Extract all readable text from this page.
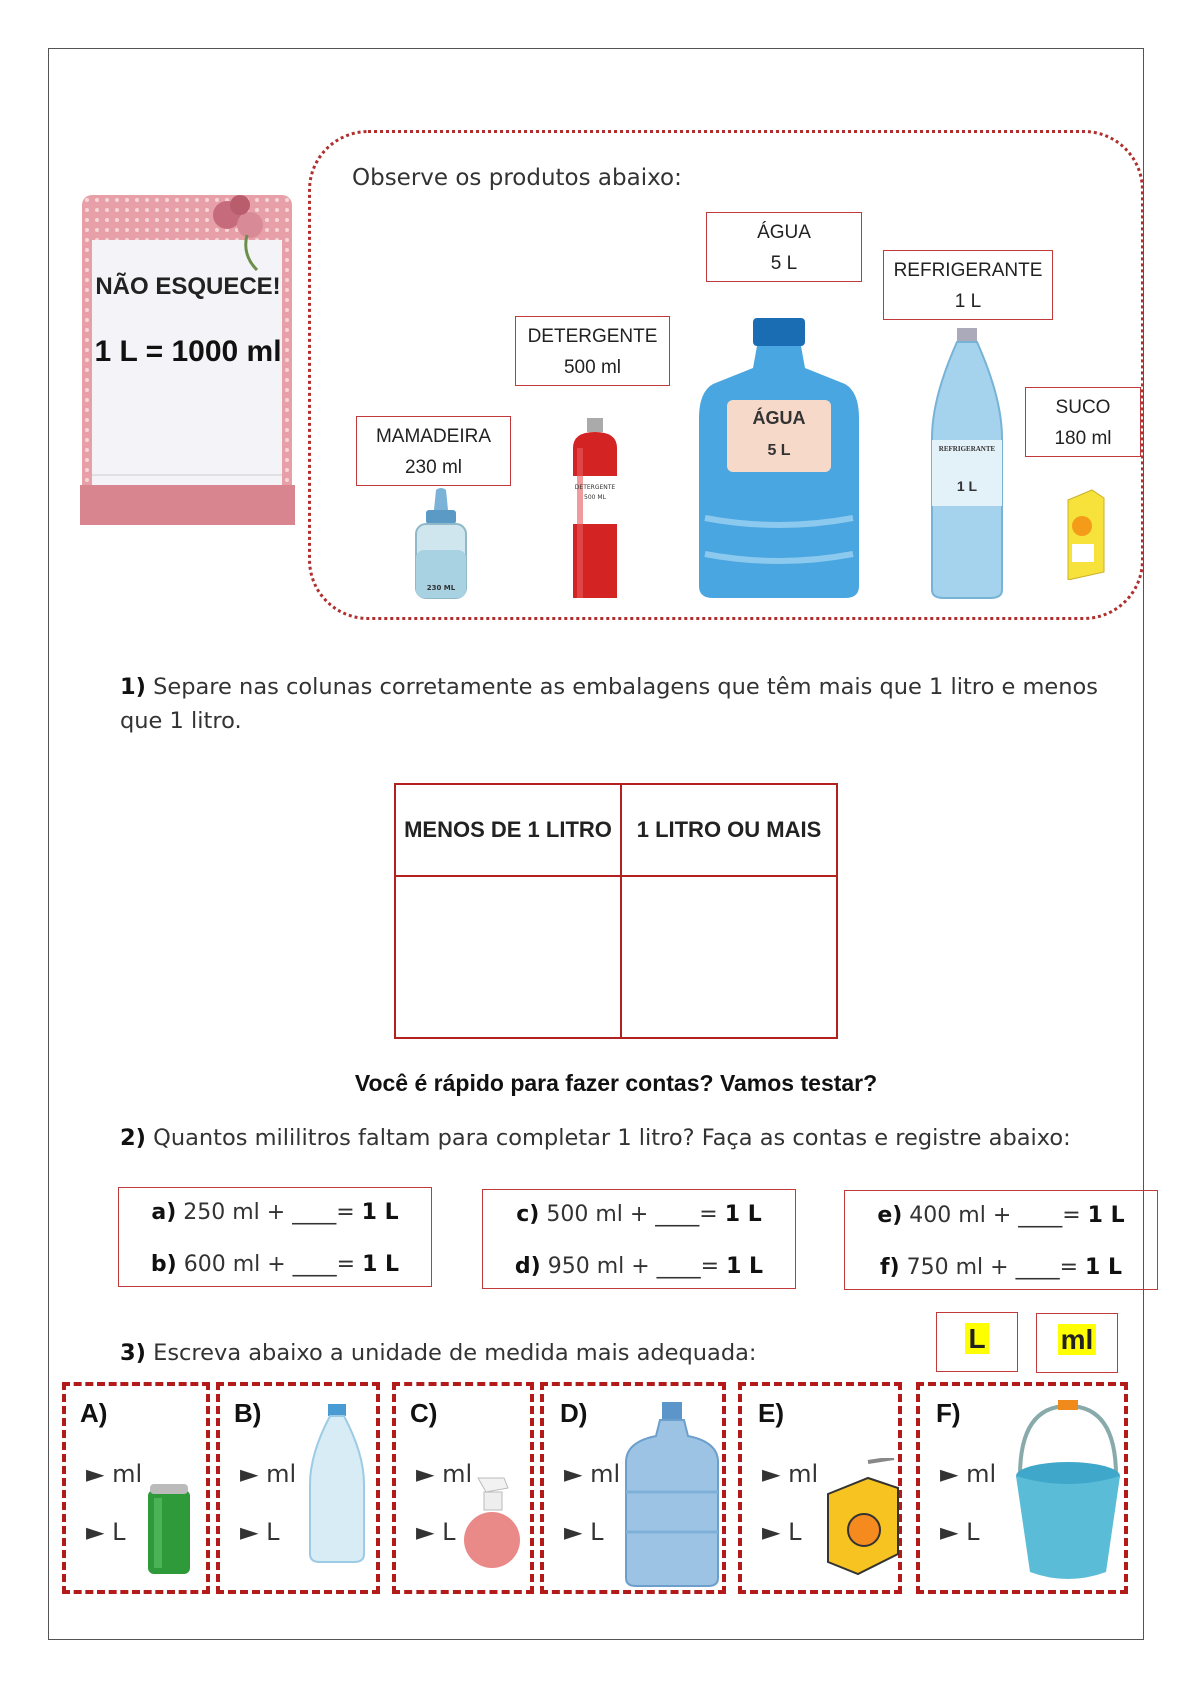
NÃO ESQUECE!
1 L = 1000 ml
Observe os produtos abaixo:
MAMADEIRA
230 ml
DETERGENTE
500 ml
ÁGUA
5 L	REFRIGERANTE
1 L
SUCO
180 ml
230 ML
DETERGENTE
500 ML
ÁGUA
5 L	REFRIGERANTE
1 L
1) Separe nas colunas corretamente as embalagens que têm mais que 1 litro e menos que 1 litro.
MENOS DE 1 LITRO	1 LITRO OU MAIS

Você é rápido para fazer contas? Vamos testar?
2) Quantos mililitros faltam para completar 1 litro? Faça as contas e registre abaixo:
a) 250 ml + ____= 1 L
b) 600 ml + ____= 1 L
c) 500 ml + ____= 1 L
d) 950 ml + ____= 1 L
e) 400 ml + ____= 1 L
f) 750 ml + ____= 1 L
3) Escreva abaixo a unidade de medida mais adequada:	L	ml
A)
► ml
► L
B)
► ml
► L
C)
► ml
► L
D)
► ml
► L
E)
► ml
► L
F)
► ml
► L
